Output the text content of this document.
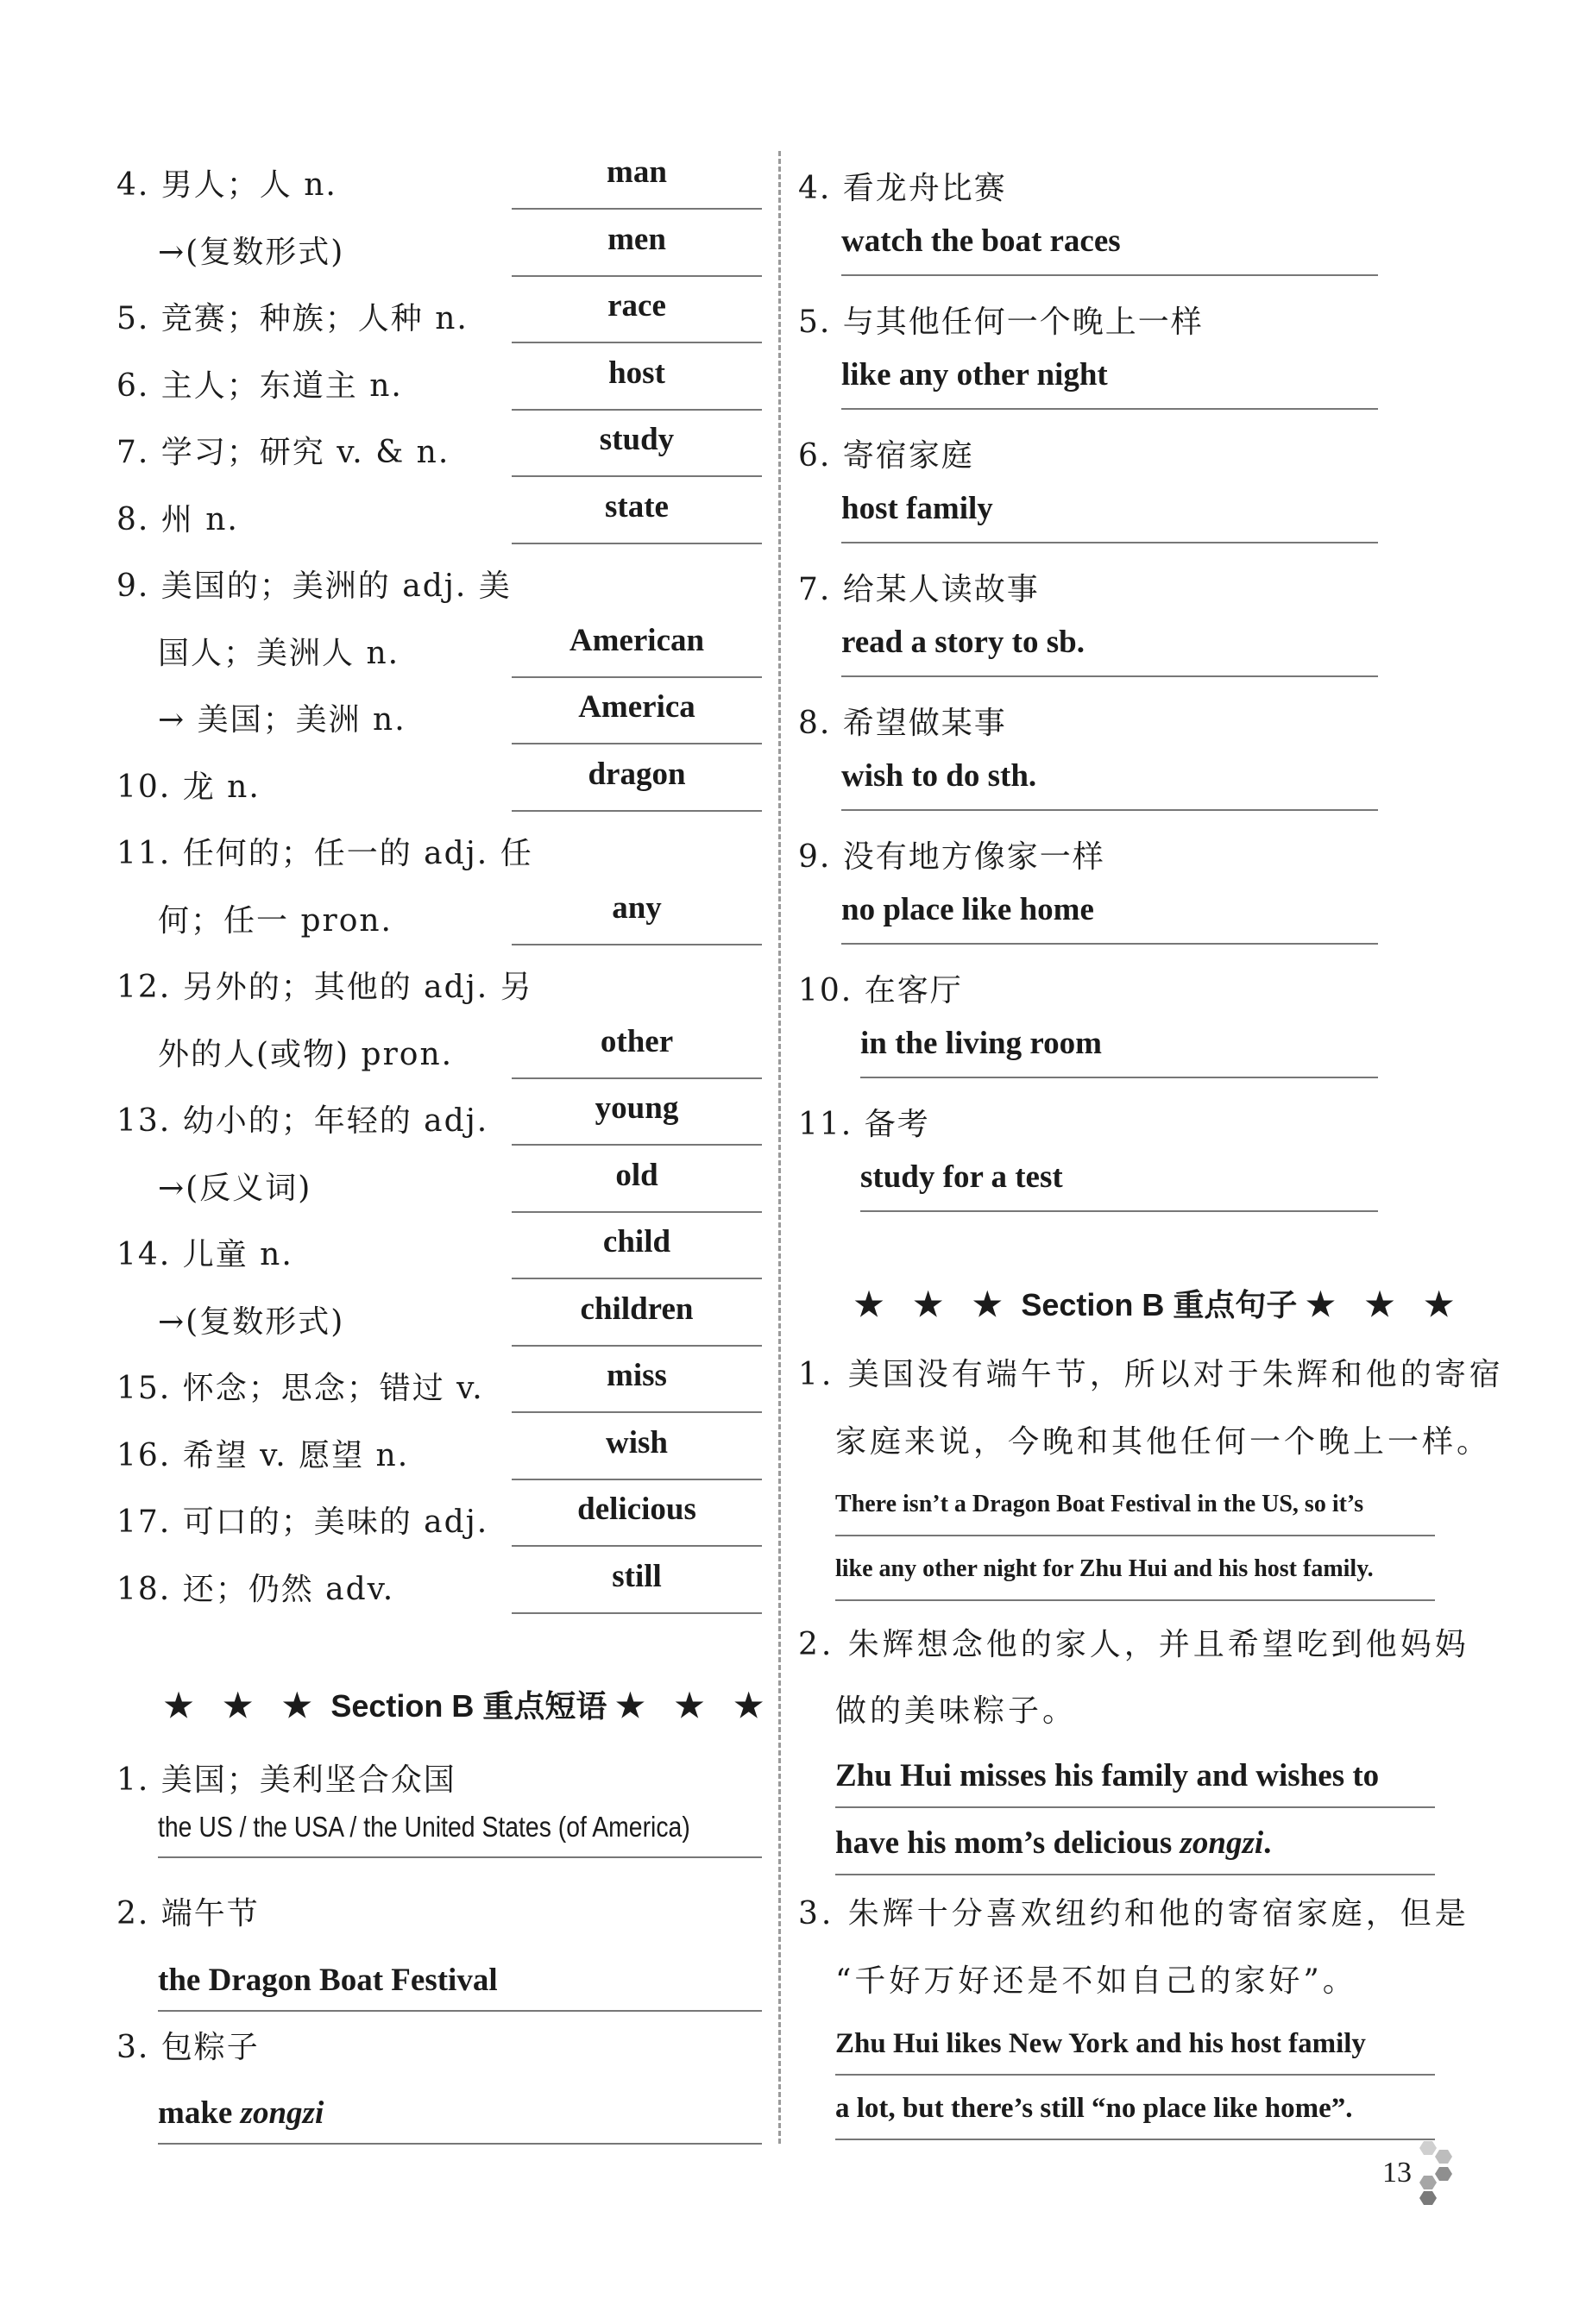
4. 男人；人 n.	man
→(复数形式)	men
5. 竞赛；种族；人种 n.	race
6. 主人；东道主 n.	host
7. 学习；研究 v. & n.	study
8. 州 n.	state
9. 美国的；美洲的 adj. 美
国人；美洲人 n.	American
→ 美国；美洲 n.	America
10. 龙 n.	dragon
11. 任何的；任一的 adj. 任
何；任一 pron.	any
12. 另外的；其他的 adj. 另
外的人(或物) pron.	other
13. 幼小的；年轻的 adj.	young
→(反义词)	old
14. 儿童 n.	child
→(复数形式)	children
15. 怀念；思念；错过 v.	miss
16. 希望 v. 愿望 n.	wish
17. 可口的；美味的 adj.	delicious
18. 还；仍然 adv.	still
★ ★ ★ Section B 重点短语 ★ ★ ★
1. 美国；美利坚合众国
the US / the USA / the United States (of America)
2. 端午节
the Dragon Boat Festival
3. 包粽子
make zongzi
4. 看龙舟比赛
watch the boat races
5. 与其他任何一个晚上一样
like any other night
6. 寄宿家庭
host family
7. 给某人读故事
read a story to sb.
8. 希望做某事
wish to do sth.
9. 没有地方像家一样
no place like home
10. 在客厅
in the living room
11. 备考
study for a test
★ ★ ★ Section B 重点句子 ★ ★ ★
1. 美国没有端午节，所以对于朱辉和他的寄宿
家庭来说，今晚和其他任何一个晚上一样。
There isn’t a Dragon Boat Festival in the US, so it’s
like any other night for Zhu Hui and his host family.
2. 朱辉想念他的家人，并且希望吃到他妈妈
做的美味粽子。
Zhu Hui misses his family and wishes to
have his mom’s delicious zongzi.
3. 朱辉十分喜欢纽约和他的寄宿家庭，但是
“千好万好还是不如自己的家好”。
Zhu Hui likes New York and his host family
a lot, but there’s still “no place like home”.
13
